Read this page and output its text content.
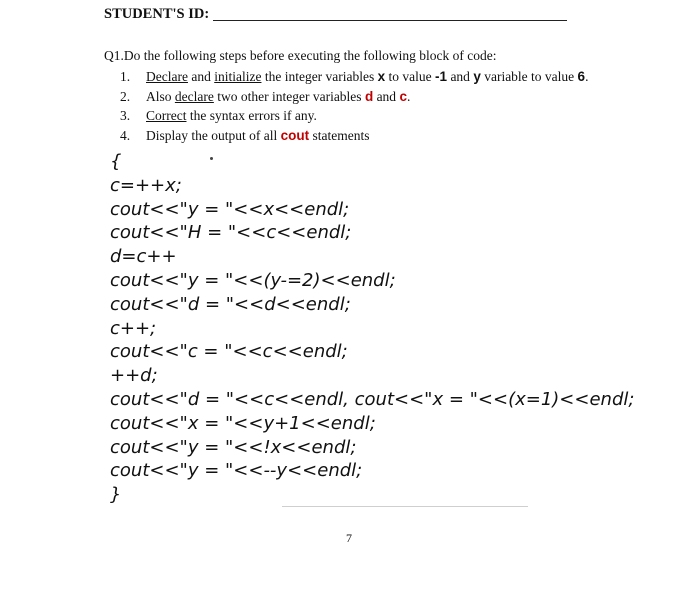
STUDENT'S ID:
Q1.Do the following steps before executing the following block of code:
1. Declare and initialize the integer variables x to value -1 and y variable to value 6.
2. Also declare two other integer variables d and c.
3. Correct the syntax errors if any.
4. Display the output of all cout statements
{
c=++x;
cout<<"y = "<<x<<endl;
cout<<"H = "<<c<<endl;
d=c++
cout<<"y = "<<(y-=2)<<endl;
cout<<"d = "<<d<<endl;
c++;
cout<<"c = "<<c<<endl;
++d;
cout<<"d = "<<c<<endl, cout<<"x = "<<(x=1)<<endl;
cout<<"x = "<<y+1<<endl;
cout<<"y = "<<!x<<endl;
cout<<"y = "<<--y<<endl;
}
7
